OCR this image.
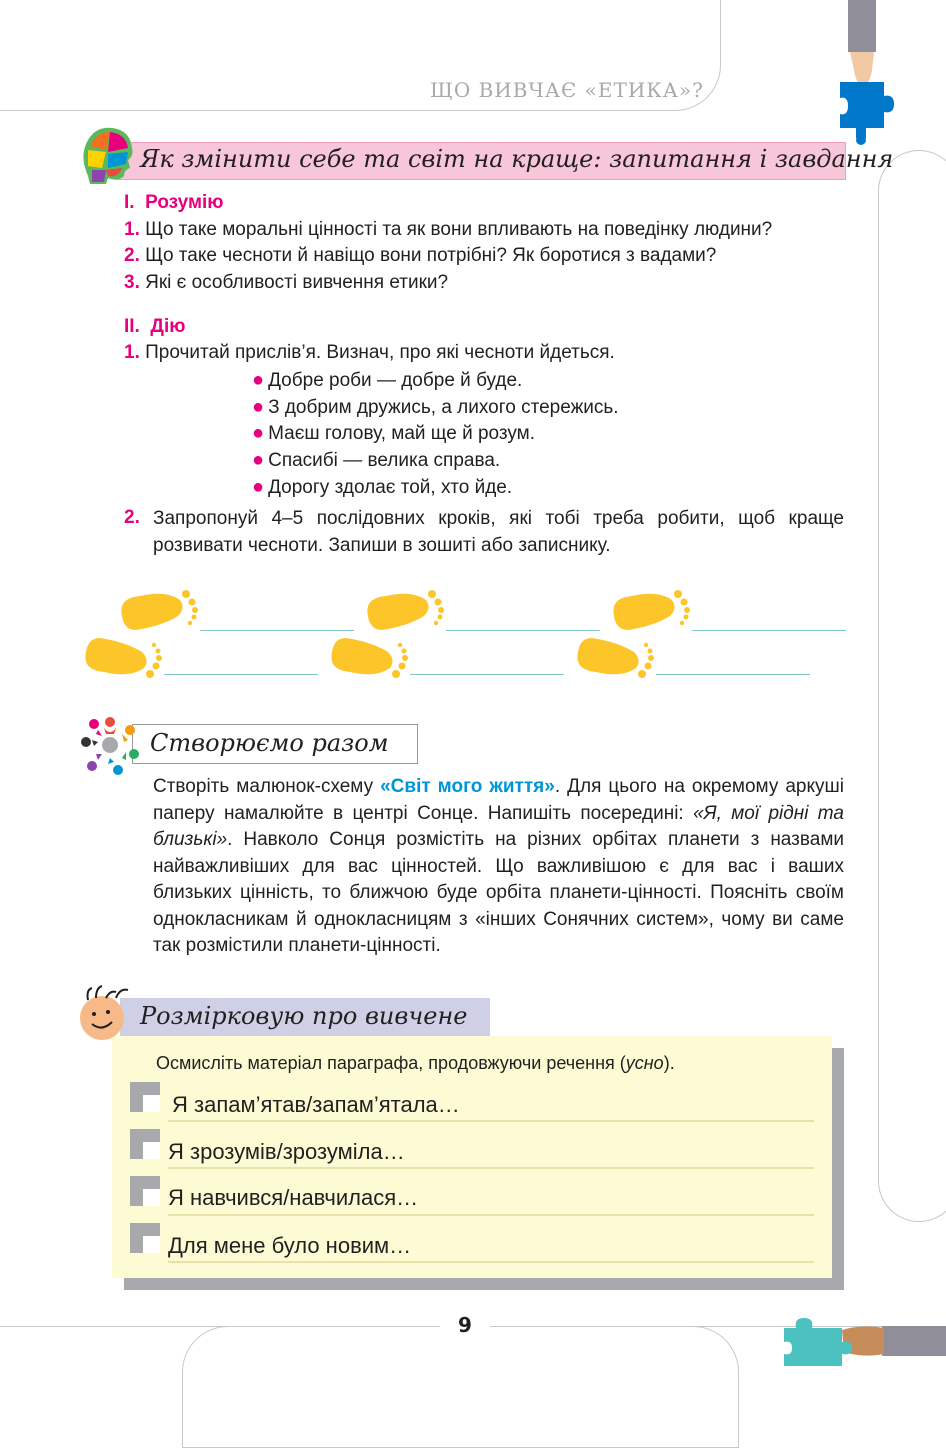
ЩО ВИВЧАЄ «ЕТИКА»?
Як змінити себе та світ на краще: запитання і завдання
I. Розумію
1. Що таке моральні цінності та як вони впливають на поведінку людини?
2. Що таке чесноти й навіщо вони потрібні? Як боротися з вадами?
3. Які є особливості вивчення етики?
II. Дію
1. Прочитай прислів’я. Визнач, про які чесноти йдеться.
● Добре роби — добре й буде.
● З добрим дружись, а лихого стережись.
● Маєш голову, май ще й розум.
● Спасибі — велика справа.
● Дорогу здолає той, хто йде.
2. Запропонуй 4–5 послідовних кроків, які тобі треба робити, щоб краще розвивати чесноти. Запиши в зошиті або записнику.
Створюємо разом
Створіть малюнок-схему «Світ мого життя». Для цього на окремому аркуші паперу намалюйте в центрі Сонце. Напишіть посередині: «Я, мої рідні та близькі». Навколо Сонця розмістіть на різних орбітах планети з назвами найважливіших для вас цінностей. Що важливішою є для вас і ваших близьких цінність, то ближчою буде орбіта планети-цінності. Поясніть своїм однокласникам й однокласницям з «інших Сонячних систем», чому ви саме так розмістили планети-цінності.
Розмірковую про вивчене
Осмисліть матеріал параграфа, продовжуючи речення (усно).
Я запам’ятав/запам’ятала…
Я зрозумів/зрозуміла…
Я навчився/навчилася…
Для мене було новим…
9
